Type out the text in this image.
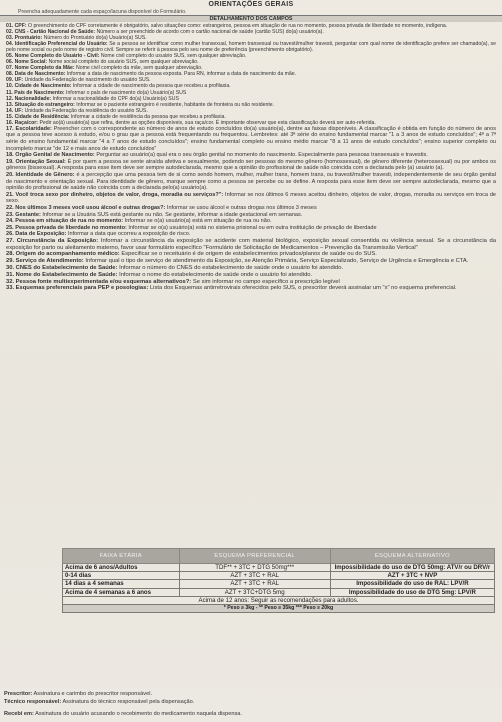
ORIENTAÇÕES GERAIS
Preencha adequadamente cada espaço/lacuna disponível do Formulário.
DETALHAMENTO DOS CAMPOS

01. CPF: O preenchimento do CPF corretamente é obrigatório, salvo situações como: estrangeiros, pessoa em situação de rua no momento, pessoa privada de liberdade no momento, indígena.

02. CNS - Cartão Nacional de Saúde: Número a ser preenchido de acordo com o cartão nacional de saúde (cartão SUS) do(a) usuário(a).

03. Prontuário: Número do Prontuário do(a) Usuário(a) SUS.

04. Identificação Preferencial do Usuário: Se a pessoa se identificar como mulher transexual, homem transexual ou travesti/mulher travesti, perguntar com qual nome de identificação prefere ser chamado(a), se pelo nome social ou pelo nome de registro civil. Sempre se referir à pessoa pelo seu nome de preferência (preenchimento obrigatório).

05. Nome Completo do Usuário - Civil: Nome civil completo do usuário SUS, sem qualquer abreviação.

06. Nome Social: Nome social completo do usuário SUS, sem qualquer abreviação.

07. Nome Completo da Mãe: Nome civil completo da mãe, sem qualquer abreviação.

08. Data de Nascimento: Informar a data de nascimento da pessoa exposta. Para RN, informar a data de nascimento da mãe.

09. UF: Unidade da Federação de nascimento do usuário SUS.

10. Cidade de Nascimento: Informar a cidade de nascimento da pessoa que recebeu a profilaxia.

11. País de Nascimento: Informar o país de nascimento do(a) Usuário(a) SUS

12. Nacionalidade: Informar a nacionalidade do CPF do(a) Usuário(a) SUS

13. Situação do estrangeiro: Informar se o paciente estrangeiro é residente, habitante de fronteira ou não residente.

14. UF: Unidade da Federação da residência do usuário SUS.

15. Cidade de Residência: Informar a cidade de residência da pessoa que recebeu a profilaxia.

16. Raça/cor: Pedir ao(à) usuário(a) que refira, dentre as opções disponíveis, sua raça/cor. É importante observar que esta classificação deverá ser auto-referida.

17. Escolaridade: Preencher com o correspondente ao número de anos de estudo concluídos do(a) usuário(a), dentre as faixas disponíveis. A classificação é obtida em função do número de anos que a pessoa teve acesso à estudo, e/ou o grau que a pessoa está frequentando ou frequentou. Lembretes: até 3ª série do ensino fundamental marcar "1 a 3 anos de estudo concluídos"; 4ª a 7ª série do ensino fundamental marcar "4 a 7 anos de estudo concluídos"; ensino fundamental completo ou ensino médio marcar "8 a 11 anos de estudo concluídos"; ensino superior completo ou incompleto marcar "de 12 e mais anos de estudo concluídos"

18. Orgão Genital de Nascimento: Perguntar ao usuário(a) qual era o seu órgão genital no momento do nascimento. Especialmente para pessoas transexuais e travestis.

19. Orientação Sexual: É por quem a pessoa se sente atraída afetiva e sexualmente, podendo ser pessoas do mesmo gênero (homossexual), de gênero diferente (heterossexual) ou por ambos os gêneros (bissexual). A resposta para esse item deve ser sempre autodeclarada, mesmo que a opinião do profissional de saúde não coincida com a declarada pelo (a) usuário (a).

20. Identidade de Gênero: é a percepção que uma pessoa tem de si como sendo homem, mulher, mulher trans, homem trans, ou travesti/mulher travesti, independentemente de seu órgão genital de nascimento e orientação sexual. Para identidade de gênero, marque sempre como a pessoa se percebe ou se define. A resposta para esse item deve ser sempre autodeclarada, mesmo que a opinião do profissional de saúde não coincida com a declarada pelo(a) usuário(a).

21. Você troca sexo por dinheiro, objetos de valor, droga, moradia ou serviços?": Informar se nos últimos 6 meses aceitou dinheiro, objetos de valor, drogas, moradia ou serviços em troca de sexo.

22. Nos últimos 3 meses você usou álcool e outras drogas?: Informar se usou álcool e outras drogas nos últimos 3 meses

23. Gestante: Informar se a Usuária SUS está gestante ou não. Se gestante, informar a idade gestacional em semanas.

24. Pessoa em situação de rua no momento: Informar se o(a) usuário(a) está em situação de rua ou não.

25. Pessoa privada de liberdade no momento: Informar se o(a) usuário(a) está no sistema prisional ou em outra instituição de privação de liberdade

26. Data de Exposição: Informar a data que ocorreu a exposição de risco.

27. Circunstância da Exposição: Informar a circunstância da exposição se acidente com material biológico, exposição sexual consentida ou violência sexual. Se a circunstância da exposição for parto ou aleitamento materno, favor usar formulário específico "Formulário de Solicitação de Medicamentos – Prevenção da Transmissão Vertical"

28. Origem do acompanhamento médico: Especificar se o receituário é de origem de estabelecimentos privados/planos de saúde ou do SUS.

29. Serviço de Atendimento: Informar qual o tipo de serviço de atendimento da Exposição, se Atenção Primária, Serviço Especializado, Serviço de Urgência e Emergência e CTA.

30. CNES do Estabelecimento de Saúde: Informar o número do CNES do estabelecimento de saúde onde o usuário foi atendido.

31. Nome do Estabelecimento de Saúde: Informar o nome do estabelecimento de saúde onde o usuário foi atendido.

32. Pessoa fonte multiexperimentada e/ou esquemas alternativos?: Se sim informar no campo específico a prescrição legível

33. Esquemas preferenciais para PEP e posologias: Lista dos Esquemas antirretrovirais oferecidos pelo SUS, o prescritor deverá assinalar um "x" no esquema preferencial.

FAIXA ETÁRIA	ESQUEMA PREFERENCIAL	ESQUEMA ALTERNATIVO
Acima de 6 anos/Adultos	TDF** + 3TC + DTG 50mg***	Impossibilidade do uso de DTG 50mg: ATV/r ou DRV/r
0-14 dias	AZT + 3TC + RAL	AZT + 3TC + NVP
14 dias a 4 semanas	AZT + 3TC + RAL	Impossibilidade do uso de RAL: LPV/R
Acima de 4 semanas a 6 anos	AZT + 3TC+DTG 5mg	Impossibilidade do uso de DTG 5mg: LPV/R
Acima de 12 anos: Seguir as recomendações para adultos.		
* Peso ≥ 3kg - ** Peso ≥ 35kg *** Peso ≥ 20kg		
Prescritor: Assinatura e carimbo do prescritor responsável.
Técnico responsável: Assinatura do técnico responsável pela dispensação.
Recebi em: Assinatura do usuário acusando o recebimento do medicamento naquela dispensa.
